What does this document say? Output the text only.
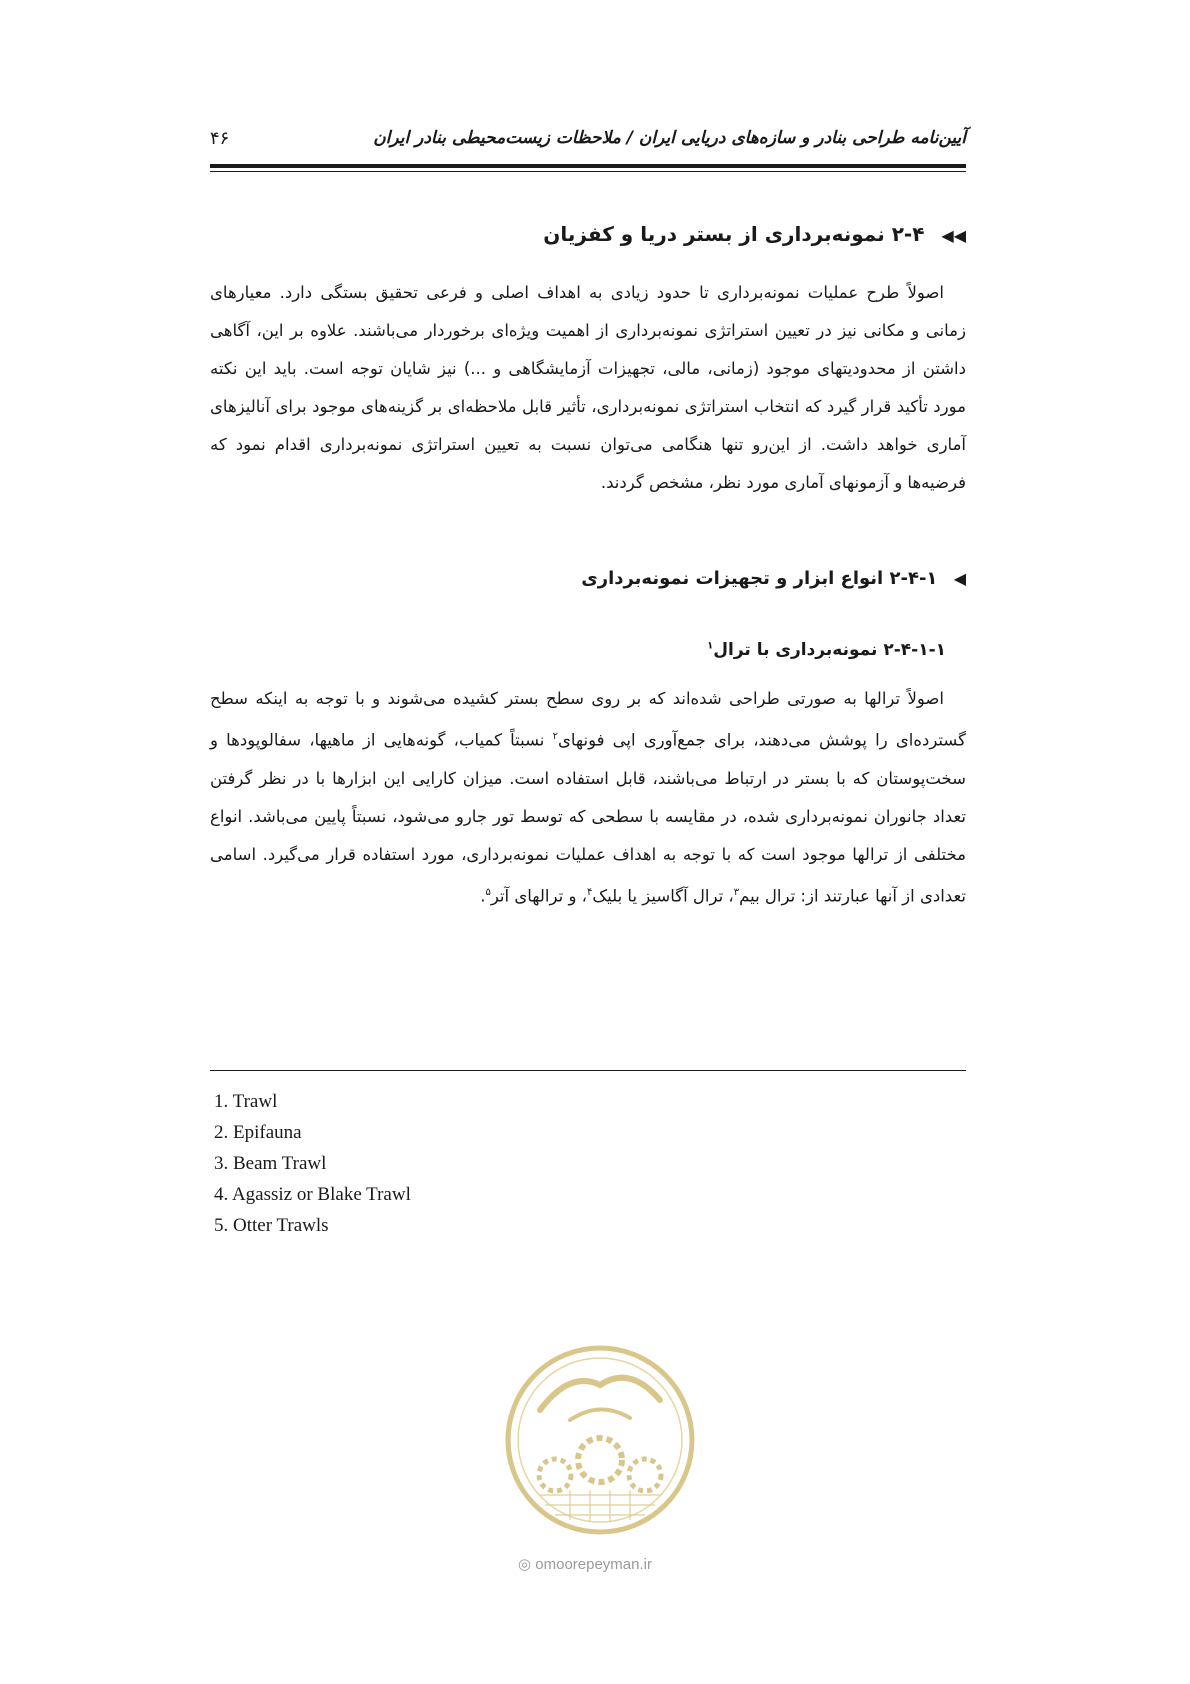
۴۶	آیین‌نامه طراحی بنادر و سازه‌های دریایی ایران / ملاحظات زیست‌محیطی بنادر ایران
◀◀ ۲-۴ نمونه‌برداری از بستر دریا و کفزیان

اصولاً طرح عملیات نمونه‌برداری تا حدود زیادی به اهداف اصلی و فرعی تحقیق بستگی دارد. معیارهای زمانی و مکانی نیز در تعیین استراتژی نمونه‌برداری از اهمیت ویژه‌ای برخوردار می‌باشند. علاوه بر این، آگاهی داشتن از محدودیتهای موجود (زمانی، مالی، تجهیزات آزمایشگاهی و ...) نیز شایان توجه است. باید این نکته مورد تأکید قرار گیرد که انتخاب استراتژی نمونه‌برداری، تأثیر قابل ملاحظه‌ای بر گزینه‌های موجود برای آنالیزهای آماری خواهد داشت. از این‌رو تنها هنگامی می‌توان نسبت به تعیین استراتژی نمونه‌برداری اقدام نمود که فرضیه‌ها و آزمونهای آماری مورد نظر، مشخص گردند.

◀ ۲-۴-۱ انواع ابزار و تجهیزات نمونه‌برداری
۲-۴-۱-۱ نمونه‌برداری با ترال$^۱$

اصولاً ترالها به صورتی طراحی شده‌اند که بر روی سطح بستر کشیده می‌شوند و با توجه به اینکه سطح گسترده‌ای را پوشش می‌دهند، برای جمع‌آوری اپی فونهای$^۲$ نسبتاً کمیاب، گونه‌هایی از ماهیها، سفالوپودها و سخت‌پوستان که با بستر در ارتباط می‌باشند، قابل استفاده است. میزان کارایی این ابزارها با در نظر گرفتن تعداد جانوران نمونه‌برداری شده، در مقایسه با سطحی که توسط تور جارو می‌شود، نسبتاً پایین می‌باشد. انواع مختلفی از ترالها موجود است که با توجه به اهداف عملیات نمونه‌برداری، مورد استفاده قرار می‌گیرد. اسامی تعدادی از آنها عبارتند از: ترال بیم$^۳$، ترال آگاسیز یا بلیک$^۴$، و ترالهای آتر$^۵$.

1. Trawl
2. Epifauna
3. Beam Trawl
4. Agassiz or Blake Trawl
5. Otter Trawls
◎ omoorepeyman.ir
